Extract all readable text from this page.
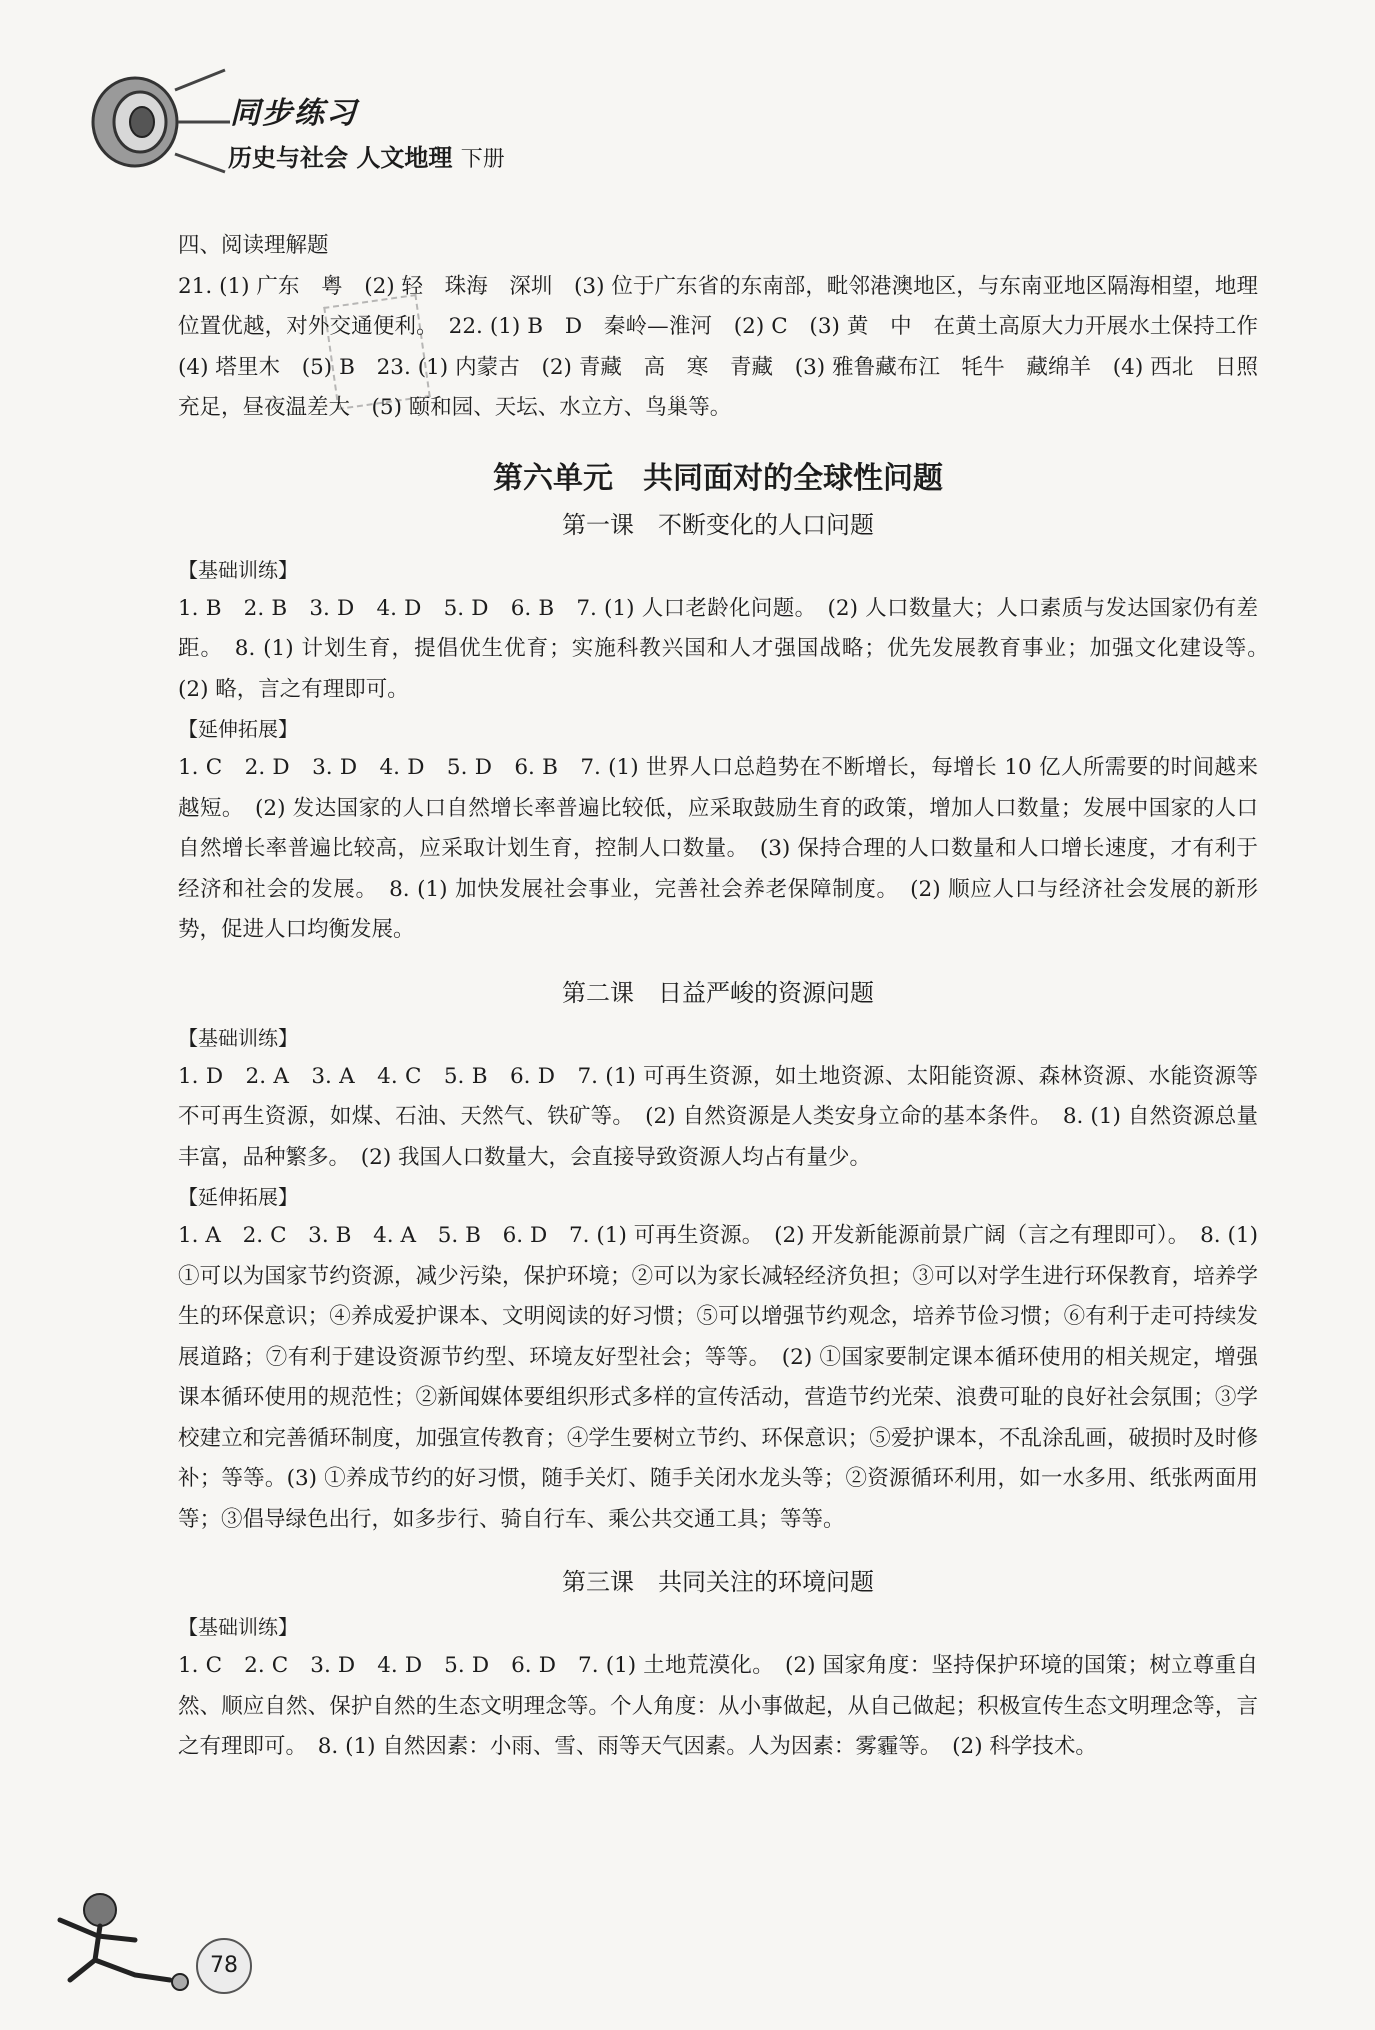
同步练习
历史与社会 人文地理 下册

四、阅读理解题

21. (1) 广东　粤　(2) 轻　珠海　深圳　(3) 位于广东省的东南部，毗邻港澳地区，与东南亚地区隔海相望，地理位置优越，对外交通便利。　22. (1) B　D　秦岭—淮河　(2) C　(3) 黄　中　在黄土高原大力开展水土保持工作　(4) 塔里木　(5) B　23. (1) 内蒙古　(2) 青藏　高　寒　青藏　(3) 雅鲁藏布江　牦牛　藏绵羊　(4) 西北　日照充足，昼夜温差大　(5) 颐和园、天坛、水立方、鸟巢等。

第六单元　共同面对的全球性问题
第一课　不断变化的人口问题

【基础训练】

1. B　2. B　3. D　4. D　5. D　6. B　7. (1) 人口老龄化问题。　(2) 人口数量大；人口素质与发达国家仍有差距。　8. (1) 计划生育，提倡优生优育；实施科教兴国和人才强国战略；优先发展教育事业；加强文化建设等。　(2) 略，言之有理即可。

【延伸拓展】

1. C　2. D　3. D　4. D　5. D　6. B　7. (1) 世界人口总趋势在不断增长，每增长 10 亿人所需要的时间越来越短。　(2) 发达国家的人口自然增长率普遍比较低，应采取鼓励生育的政策，增加人口数量；发展中国家的人口自然增长率普遍比较高，应采取计划生育，控制人口数量。　(3) 保持合理的人口数量和人口增长速度，才有利于经济和社会的发展。　8. (1) 加快发展社会事业，完善社会养老保障制度。　(2) 顺应人口与经济社会发展的新形势，促进人口均衡发展。

第二课　日益严峻的资源问题

【基础训练】

1. D　2. A　3. A　4. C　5. B　6. D　7. (1) 可再生资源，如土地资源、太阳能资源、森林资源、水能资源等　不可再生资源，如煤、石油、天然气、铁矿等。　(2) 自然资源是人类安身立命的基本条件。　8. (1) 自然资源总量丰富，品种繁多。　(2) 我国人口数量大，会直接导致资源人均占有量少。

【延伸拓展】

1. A　2. C　3. B　4. A　5. B　6. D　7. (1) 可再生资源。　(2) 开发新能源前景广阔（言之有理即可）。　8. (1) ①可以为国家节约资源，减少污染，保护环境；②可以为家长减轻经济负担；③可以对学生进行环保教育，培养学生的环保意识；④养成爱护课本、文明阅读的好习惯；⑤可以增强节约观念，培养节俭习惯；⑥有利于走可持续发展道路；⑦有利于建设资源节约型、环境友好型社会；等等。　(2) ①国家要制定课本循环使用的相关规定，增强课本循环使用的规范性；②新闻媒体要组织形式多样的宣传活动，营造节约光荣、浪费可耻的良好社会氛围；③学校建立和完善循环制度，加强宣传教育；④学生要树立节约、环保意识；⑤爱护课本，不乱涂乱画，破损时及时修补；等等。(3) ①养成节约的好习惯，随手关灯、随手关闭水龙头等；②资源循环利用，如一水多用、纸张两面用等；③倡导绿色出行，如多步行、骑自行车、乘公共交通工具；等等。

第三课　共同关注的环境问题

【基础训练】

1. C　2. C　3. D　4. D　5. D　6. D　7. (1) 土地荒漠化。　(2) 国家角度：坚持保护环境的国策；树立尊重自然、顺应自然、保护自然的生态文明理念等。个人角度：从小事做起，从自己做起；积极宣传生态文明理念等，言之有理即可。　8. (1) 自然因素：小雨、雪、雨等天气因素。人为因素：雾霾等。　(2) 科学技术。

78
